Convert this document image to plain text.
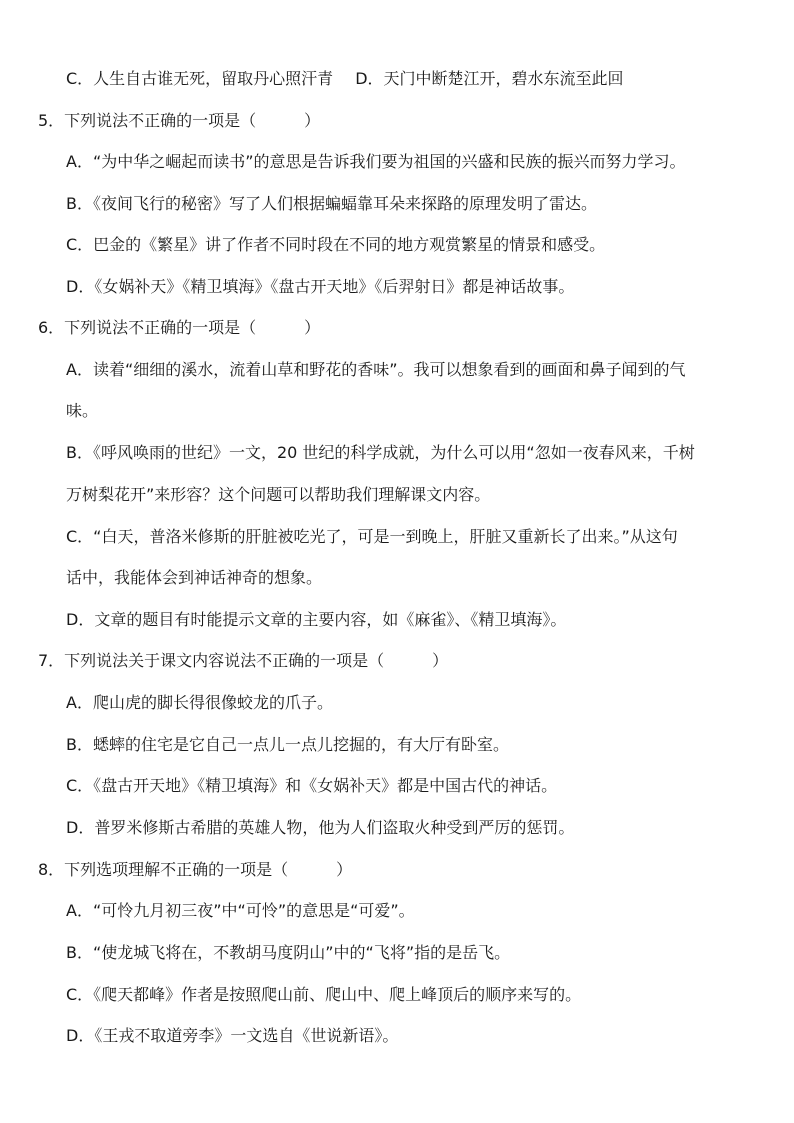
C．人生自古谁无死，留取丹心照汗青 D．天门中断楚江开，碧水东流至此回
5．下列说法不正确的一项是（　　　）
A．“为中华之崛起而读书”的意思是告诉我们要为祖国的兴盛和民族的振兴而努力学习。
B．《夜间飞行的秘密》写了人们根据蝙蝠靠耳朵来探路的原理发明了雷达。
C．巴金的《繁星》讲了作者不同时段在不同的地方观赏繁星的情景和感受。
D．《女娲补天》《精卫填海》《盘古开天地》《后羿射日》都是神话故事。
6．下列说法不正确的一项是（　　　）
A．读着“细细的溪水，流着山草和野花的香味”。我可以想象看到的画面和鼻子闻到的气
味。
B．《呼风唤雨的世纪》一文，20 世纪的科学成就，为什么可以用“忽如一夜春风来，千树
万树梨花开”来形容？这个问题可以帮助我们理解课文内容。
C．“白天，普洛米修斯的肝脏被吃光了，可是一到晚上，肝脏又重新长了出来。”从这句
话中，我能体会到神话神奇的想象。
D．文章的题目有时能提示文章的主要内容，如《麻雀》、《精卫填海》。
7．下列说法关于课文内容说法不正确的一项是（　　　）
A．爬山虎的脚长得很像蛟龙的爪子。
B．蟋蟀的住宅是它自己一点儿一点儿挖掘的，有大厅有卧室。
C．《盘古开天地》《精卫填海》和《女娲补天》都是中国古代的神话。
D．普罗米修斯古希腊的英雄人物，他为人们盗取火种受到严厉的惩罚。
8．下列选项理解不正确的一项是（　　　）
A．“可怜九月初三夜”中“可怜”的意思是“可爱”。
B．“使龙城飞将在，不教胡马度阴山”中的“飞将”指的是岳飞。
C．《爬天都峰》作者是按照爬山前、爬山中、爬上峰顶后的顺序来写的。
D．《王戎不取道旁李》一文选自《世说新语》。
